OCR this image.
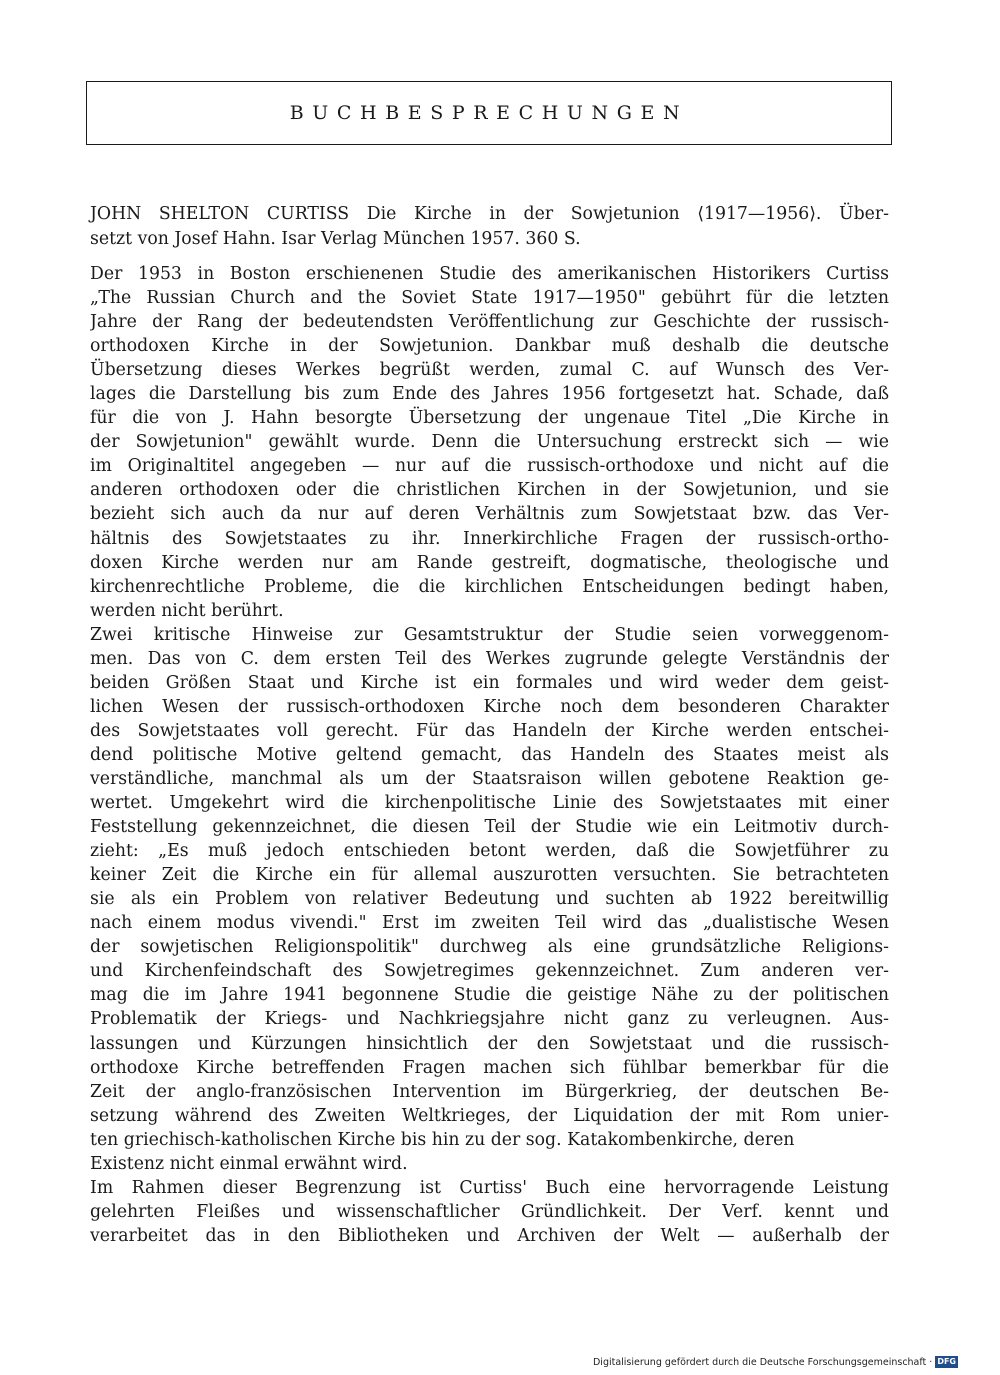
BUCHBESPRECHUNGEN
JOHN SHELTON CURTISS Die Kirche in der Sowjetunion ⟨1917—1956⟩. Über-
setzt von Josef Hahn. Isar Verlag München 1957. 360 S.
Der 1953 in Boston erschienenen Studie des amerikanischen Historikers Curtiss
„The Russian Church and the Soviet State 1917—1950" gebührt für die letzten
Jahre der Rang der bedeutendsten Veröffentlichung zur Geschichte der russisch-
orthodoxen Kirche in der Sowjetunion. Dankbar muß deshalb die deutsche
Übersetzung dieses Werkes begrüßt werden, zumal C. auf Wunsch des Ver-
lages die Darstellung bis zum Ende des Jahres 1956 fortgesetzt hat. Schade, daß
für die von J. Hahn besorgte Übersetzung der ungenaue Titel „Die Kirche in
der Sowjetunion" gewählt wurde. Denn die Untersuchung erstreckt sich — wie
im Originaltitel angegeben — nur auf die russisch-orthodoxe und nicht auf die
anderen orthodoxen oder die christlichen Kirchen in der Sowjetunion, und sie
bezieht sich auch da nur auf deren Verhältnis zum Sowjetstaat bzw. das Ver-
hältnis des Sowjetstaates zu ihr. Innerkirchliche Fragen der russisch-ortho-
doxen Kirche werden nur am Rande gestreift, dogmatische, theologische und
kirchenrechtliche Probleme, die die kirchlichen Entscheidungen bedingt haben,
werden nicht berührt.
Zwei kritische Hinweise zur Gesamtstruktur der Studie seien vorweggenom-
men. Das von C. dem ersten Teil des Werkes zugrunde gelegte Verständnis der
beiden Größen Staat und Kirche ist ein formales und wird weder dem geist-
lichen Wesen der russisch-orthodoxen Kirche noch dem besonderen Charakter
des Sowjetstaates voll gerecht. Für das Handeln der Kirche werden entschei-
dend politische Motive geltend gemacht, das Handeln des Staates meist als
verständliche, manchmal als um der Staatsraison willen gebotene Reaktion ge-
wertet. Umgekehrt wird die kirchenpolitische Linie des Sowjetstaates mit einer
Feststellung gekennzeichnet, die diesen Teil der Studie wie ein Leitmotiv durch-
zieht: „Es muß jedoch entschieden betont werden, daß die Sowjetführer zu
keiner Zeit die Kirche ein für allemal auszurotten versuchten. Sie betrachteten
sie als ein Problem von relativer Bedeutung und suchten ab 1922 bereitwillig
nach einem modus vivendi." Erst im zweiten Teil wird das „dualistische Wesen
der sowjetischen Religionspolitik" durchweg als eine grundsätzliche Religions-
und Kirchenfeindschaft des Sowjetregimes gekennzeichnet. Zum anderen ver-
mag die im Jahre 1941 begonnene Studie die geistige Nähe zu der politischen
Problematik der Kriegs- und Nachkriegsjahre nicht ganz zu verleugnen. Aus-
lassungen und Kürzungen hinsichtlich der den Sowjetstaat und die russisch-
orthodoxe Kirche betreffenden Fragen machen sich fühlbar bemerkbar für die
Zeit der anglo-französischen Intervention im Bürgerkrieg, der deutschen Be-
setzung während des Zweiten Weltkrieges, der Liquidation der mit Rom unier-
ten griechisch-katholischen Kirche bis hin zu der sog. Katakombenkirche, deren
Existenz nicht einmal erwähnt wird.
Im Rahmen dieser Begrenzung ist Curtiss' Buch eine hervorragende Leistung
gelehrten Fleißes und wissenschaftlicher Gründlichkeit. Der Verf. kennt und
verarbeitet das in den Bibliotheken und Archiven der Welt — außerhalb der
Digitalisierung gefördert durch die Deutsche Forschungsgemeinschaft · DFG
